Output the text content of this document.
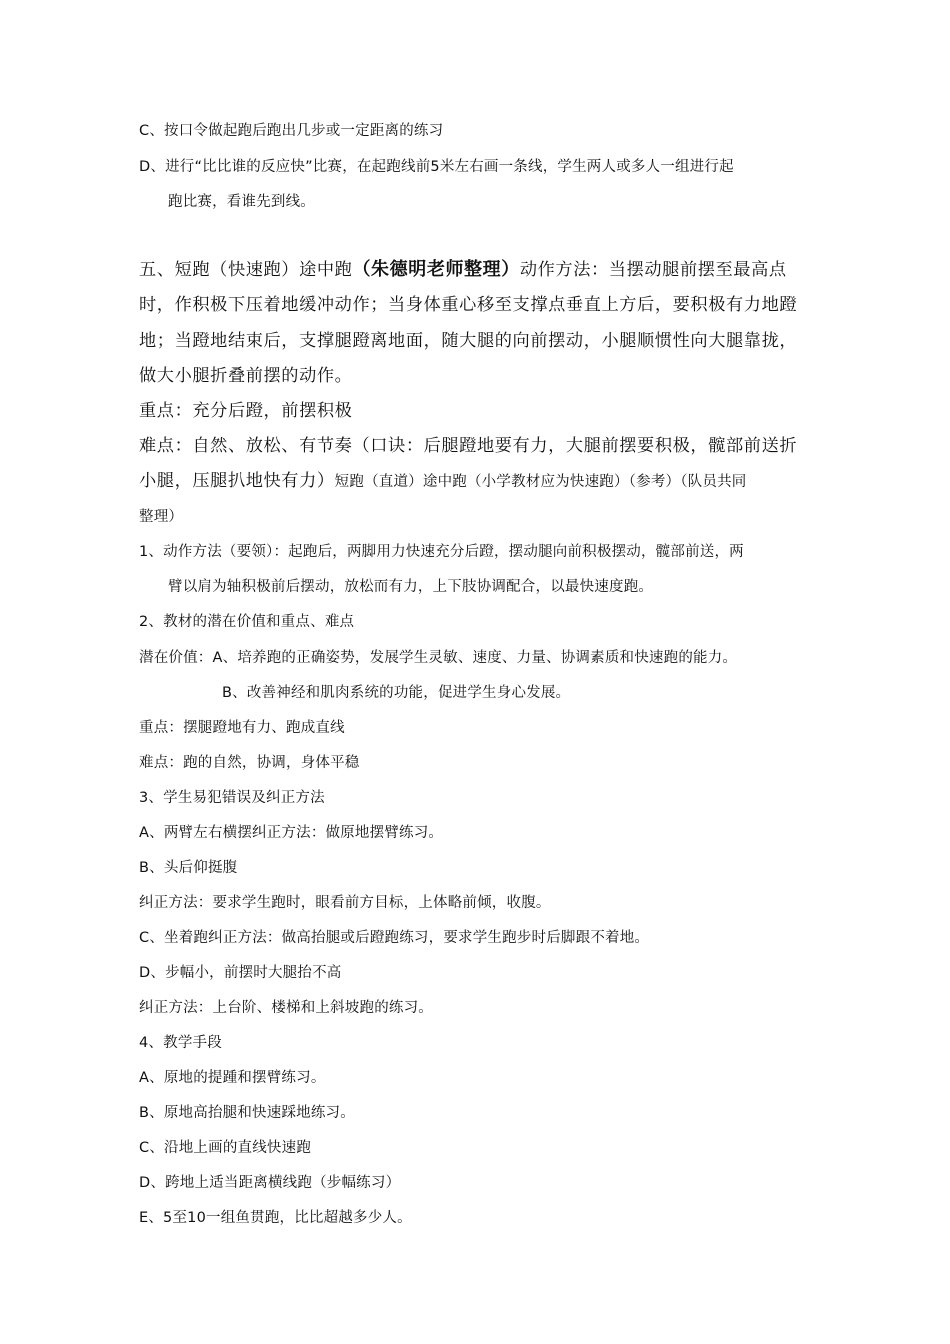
C、按口令做起跑后跑出几步或一定距离的练习
D、进行“比比谁的反应快”比赛，在起跑线前5米左右画一条线，学生两人或多人一组进行起
跑比赛，看谁先到线。
五、短跑（快速跑）途中跑（朱德明老师整理）动作方法：当摆动腿前摆至最高点
时，作积极下压着地缓冲动作；当身体重心移至支撑点垂直上方后，要积极有力地蹬
地；当蹬地结束后，支撑腿蹬离地面，随大腿的向前摆动，小腿顺惯性向大腿靠拢，
做大小腿折叠前摆的动作。
重点：充分后蹬，前摆积极
难点：自然、放松、有节奏（口诀：后腿蹬地要有力，大腿前摆要积极，髋部前送折
小腿，压腿扒地快有力）短跑（直道）途中跑（小学教材应为快速跑）（参考）（队员共同
整理）
1、动作方法（要领）：起跑后，两脚用力快速充分后蹬，摆动腿向前积极摆动，髋部前送，两
臂以肩为轴积极前后摆动，放松而有力，上下肢协调配合，以最快速度跑。
2、教材的潜在价值和重点、难点
潜在价值：A、培养跑的正确姿势，发展学生灵敏、速度、力量、协调素质和快速跑的能力。
B、改善神经和肌肉系统的功能，促进学生身心发展。
重点：摆腿蹬地有力、跑成直线
难点：跑的自然，协调，身体平稳
3、学生易犯错误及纠正方法
A、两臂左右横摆纠正方法：做原地摆臂练习。
B、头后仰挺腹
纠正方法：要求学生跑时，眼看前方目标，上体略前倾，收腹。
C、坐着跑纠正方法：做高抬腿或后蹬跑练习，要求学生跑步时后脚跟不着地。
D、步幅小，前摆时大腿抬不高
纠正方法：上台阶、楼梯和上斜坡跑的练习。
4、教学手段
A、原地的提踵和摆臂练习。
B、原地高抬腿和快速踩地练习。
C、沿地上画的直线快速跑
D、跨地上适当距离横线跑（步幅练习）
E、5至10一组鱼贯跑，比比超越多少人。
